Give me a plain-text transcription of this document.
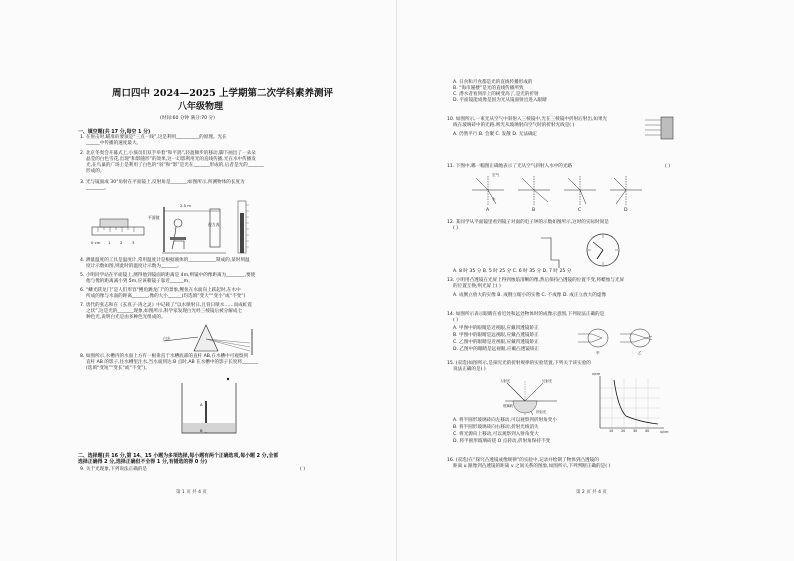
周口四中 2024—2025 上学期第二次学科素养测评
八年级物理
(时间:60 分钟 满分:70 分)
一、填空题(共 17 分,每空 1 分)
1. 在射击时,瞄准的要领是“三点一线”,这是利用__________的原理。光在
______中传播的速度最大。
2. 北京冬奥会开幕式上,小演员们双手举着“和平鸽”,轻盈舞步的移动,脚下画出了一朵朵
晶莹的白色雪花,出现“和影随形”的效果,这一幻影利用光的直线传播,光在水中传播发
光,在鸟巢的广场上是利用了白色的“羽”和“影”是光在_______形成的,后者是光的_______
形成的。
3. 光与镜面成 30°角射在平面镜上,反射角是_______;如图所示,所测物体的长度为
________。
0 cm 1	2	3
平面镜
视力表
2.5 m
4. 测量温度的工具是温度计,常用温度计是根据液体的____________制成的,某时刻温
度计示数如图,则此时的温度计示数为_______。
5. 小明同学站在平面镜上,测得他到镜面的距离是 4m,则镜中的像距离为________,要使
他与像的距离减小到 5m,应该朝镜子靠近______m。
6. “鳞光跃龙门”是人们形容“鲤鱼跳龙门”的景象,鲤鱼在水面向上跃起时,在水中
所成的像与水面的距离_______,像的大小______(均选填“变大”“变小”或“不变”)
7. 唐代的张志和在《玄真子·涛之灵》中记载了“以水喷射日,且背日喷水……而成虹霓
之状”,这是光的_______现象,如图所示,科学家发现白光经三棱镜后被分解成七
种色光,说明白光是由多种色光组成的。
白光
8. 如图所示,水槽内的水面上方有一根垂直于水槽底部的直杆 AB,在水槽中可观察到
直杆 AB 的影子,往水槽里注水,当水面到达 B 点时,AB 在水槽中的影子长度将_______
(选填“变短”“变长”或“不变”)。
A
B
二、选择题(共 16 分,第 14、15 小题为多项选择,每小题有两个正确选项,每小题 2 分,全部
选择正确得 2 分,选择正确但不全得 1 分,有错选的得 0 分)
9. 关于光现象,下列说法正确的是	( )
第 1 页 共 4 页
A. 日食和月食都是光的直线传播形成的
B. “海市蜃楼”是光的直线传播所致
C. 潜水者看到岸上的树变高了,是光的折射
D. 平面镜能成像是因为光从镜面射出进入眼睛
10. 如图所示,一束光从空气中斜射入三棱镜中,光在三棱镜中折射后射出,如果光
线在玻璃砖中的光路,则光从玻璃射向空气时的折射光线是( )
A. 仍然平行 B. 会聚 C. 发散 D. 无法确定
11. 下图中,哪一幅图正确地表示了光从空气斜射入水中的光路	( )
空气
水
A	B	C	D
12. 某同学从平面镜里看到镜子对面的电子钟的示数如图所示,这时的实际时间是
( )
A. 8 时 35 分 B. 5 时 25 分 C. 6 时 35 分 D. 7 时 25 分
13. 小明用凸透镜在光屏上得到烛焰清晰的像,然后保持凸透镜的位置不变,将蜡烛与光屏
的位置互换,则光屏上( )
A. 成倒立放大的实像 B. 成倒立缩小的实像 C. 不成像 D. 成正立放大的虚像
14. 如图所示表示眼睛在看近处和远处物体时的成像示意图,下列说法正确的是
( )
A. 甲图中的眼睛是近视眼,应戴凹透镜矫正
B. 甲图中的眼睛是远视眼,应戴凸透镜矫正
C. 乙图中的眼睛是近视眼,应戴凹透镜矫正
D. 乙图中的眼睛是远视眼,应戴凸透镜矫正
甲	乙
15. (双选)如图所示,是探究光的折射规律的实验装置,下列关于该实验的
说法正确的是( )
入射光	反射光
折射光
玻璃砖
v/cm
u/cm
10 20 30 40
A. 将半圆形玻璃砖向左移动,可以观察到折射角变小
B. 将半圆形玻璃砖向右移动,折射光线消失
C. 将光源向上移动,可以观察到入射角变大
D. 将半圆形玻璃砖绕 O 点转动,折射角保持不变
16. (双选)在“探究凸透镜成像规律”的实验中,记录并绘制了物体到凸透镜的
距离 u 跟像到凸透镜的距离 v 之间关系的图象,如图所示,下列判断正确的是( )
第 2 页 共 4 页
